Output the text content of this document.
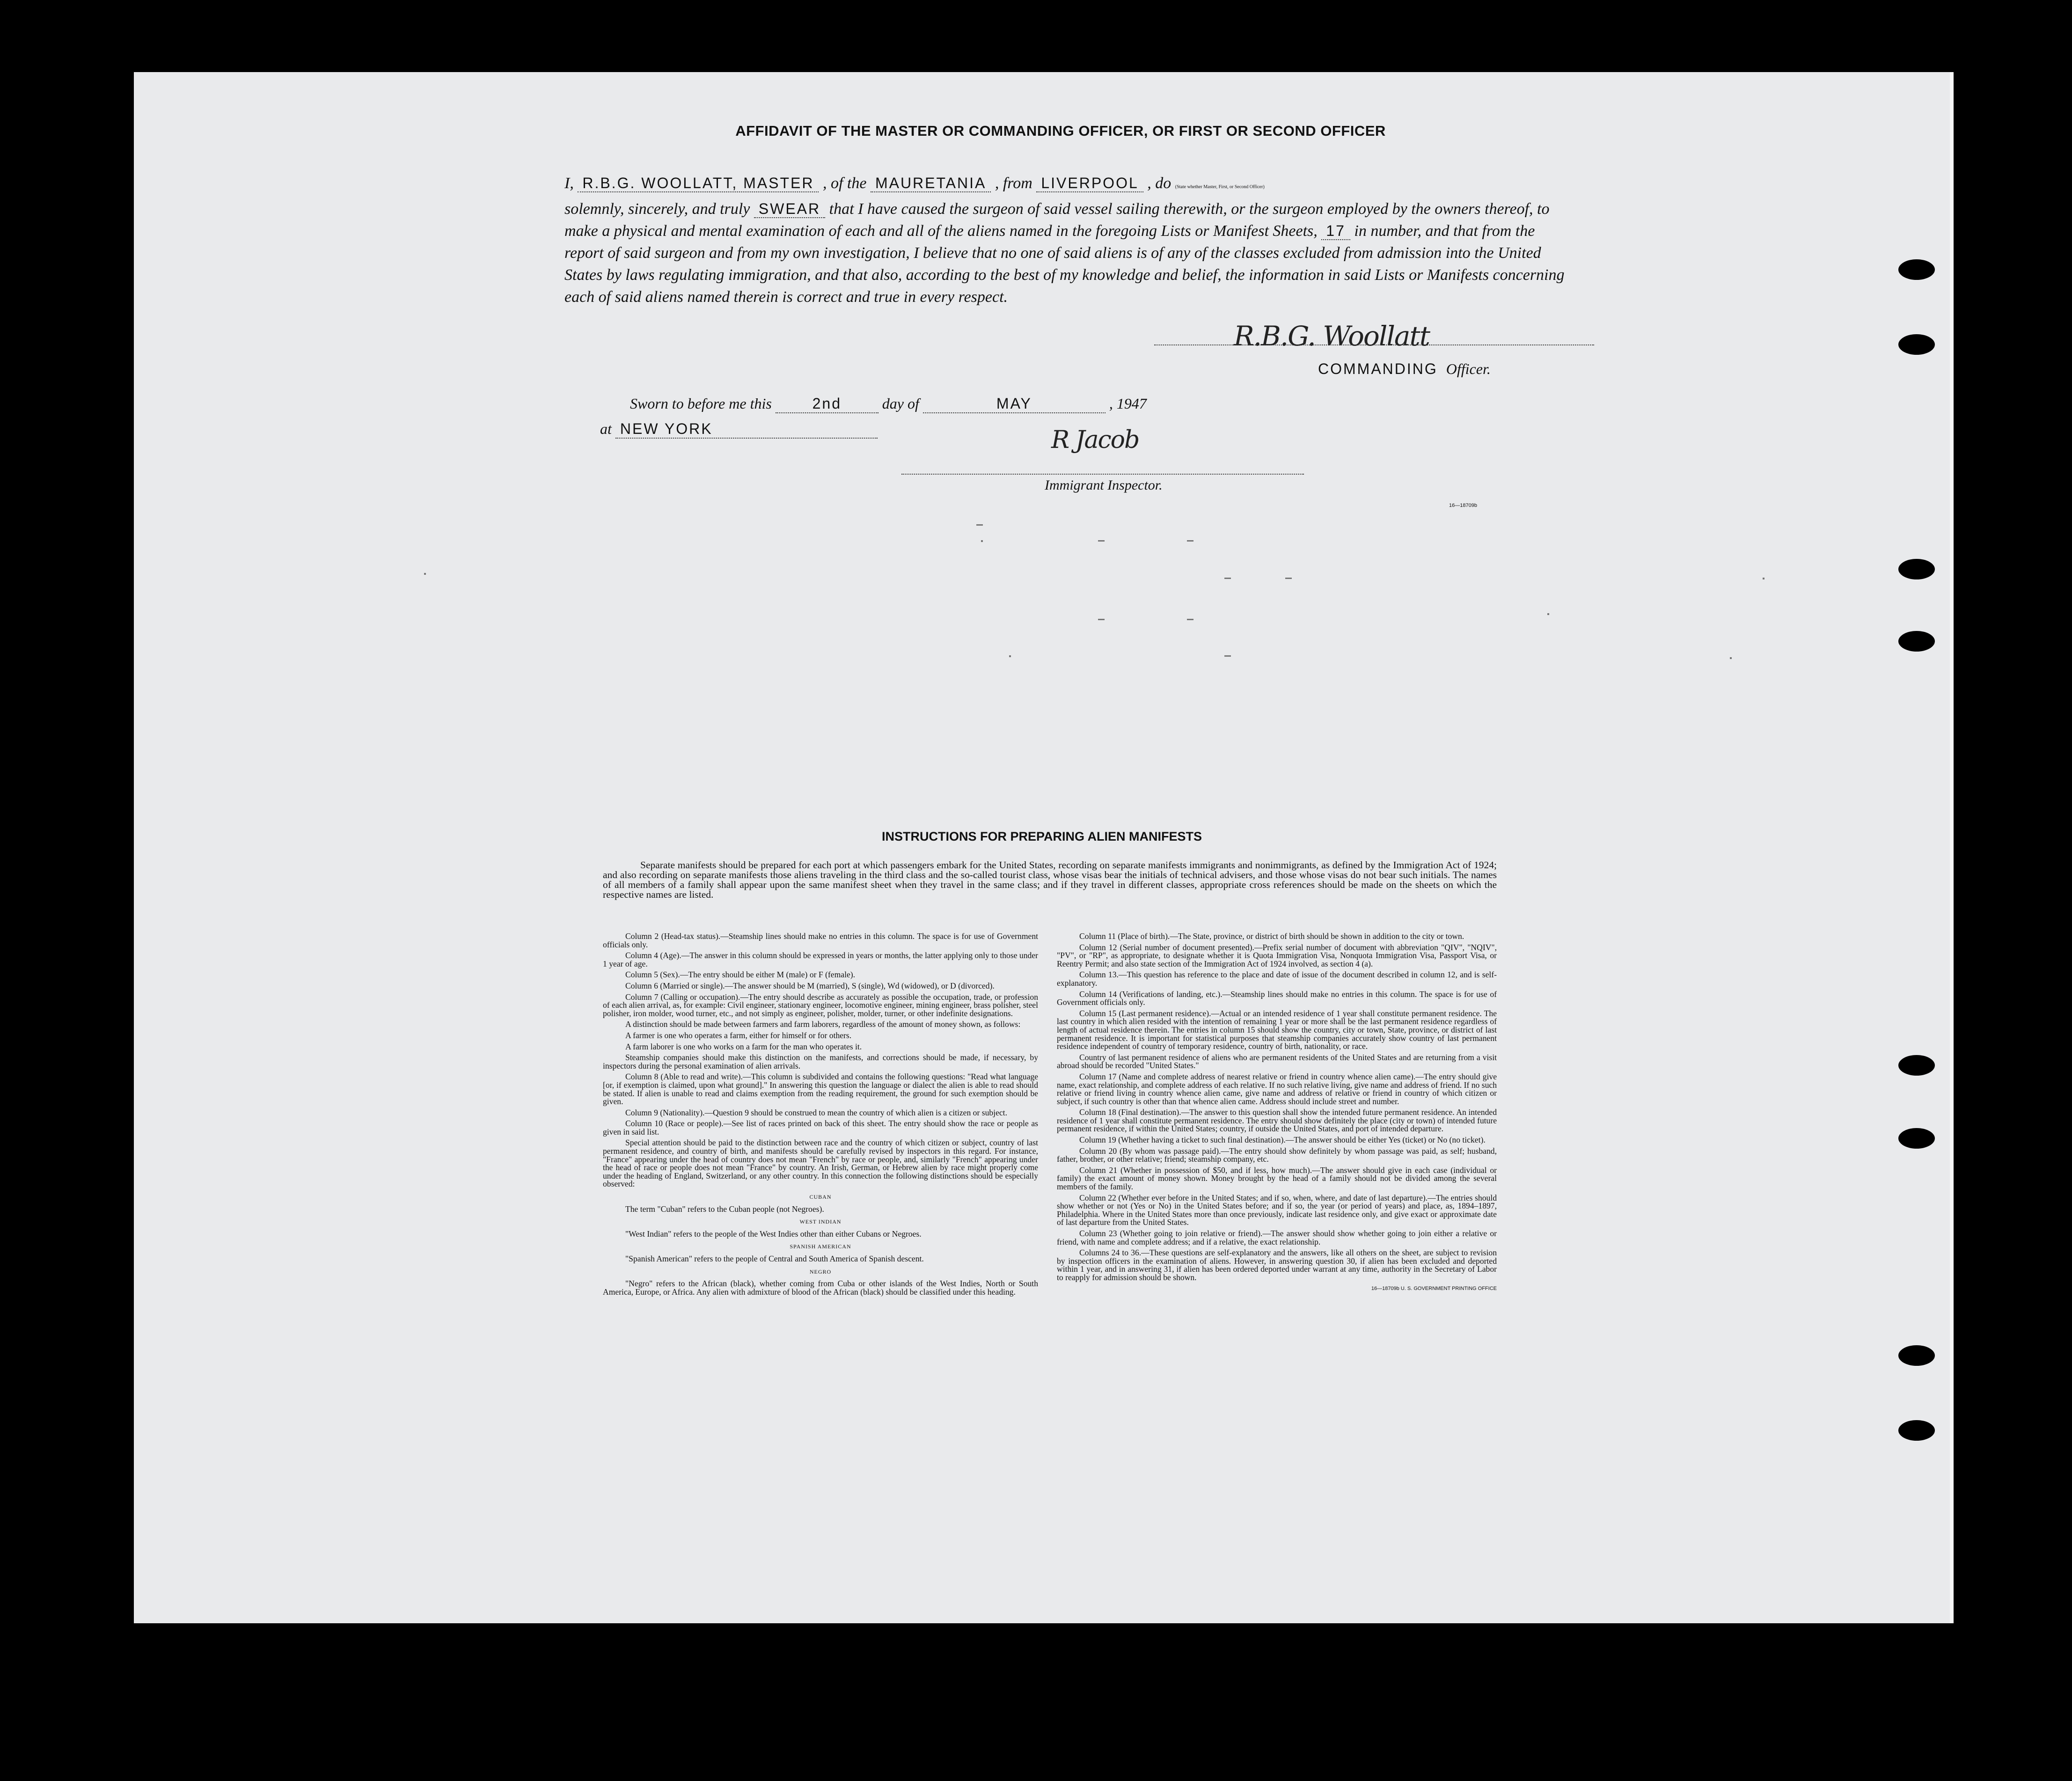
AFFIDAVIT OF THE MASTER OR COMMANDING OFFICER, OR FIRST OR SECOND OFFICER
I, R.B.G. WOOLLATT, MASTER , of the MAURETANIA , from LIVERPOOL , do (State whether Master, First, or Second Officer)
solemnly, sincerely, and truly SWEAR that I have caused the surgeon of said vessel sailing therewith, or the surgeon employed by the owners thereof, to make a physical and mental examination of each and all of the aliens named in the foregoing Lists or Manifest Sheets, 17 in number, and that from the report of said surgeon and from my own investigation, I believe that no one of said aliens is of any of the classes excluded from admission into the United States by laws regulating immigration, and that also, according to the best of my knowledge and belief, the information in said Lists or Manifests concerning each of said aliens named therein is correct and true in every respect.
R.B.G. Woollatt
COMMANDING Officer.
Sworn to before me this	2nd	day of	MAY	, 1947
at NEW YORK	R Jacob
Immigrant Inspector.
16—18709b
INSTRUCTIONS FOR PREPARING ALIEN MANIFESTS
Separate manifests should be prepared for each port at which passengers embark for the United States, recording on separate manifests immigrants and nonimmigrants, as defined by the Immigration Act of 1924; and also recording on separate manifests those aliens traveling in the third class and the so-called tourist class, whose visas bear the initials of technical advisers, and those whose visas do not bear such initials. The names of all members of a family shall appear upon the same manifest sheet when they travel in the same class; and if they travel in different classes, appropriate cross references should be made on the sheets on which the respective names are listed.

Column 2 (Head-tax status).—Steamship lines should make no entries in this column. The space is for use of Government officials only.

Column 4 (Age).—The answer in this column should be expressed in years or months, the latter applying only to those under 1 year of age.

Column 5 (Sex).—The entry should be either M (male) or F (female).

Column 6 (Married or single).—The answer should be M (married), S (single), Wd (widowed), or D (divorced).

Column 7 (Calling or occupation).—The entry should describe as accurately as possible the occupation, trade, or profession of each alien arrival, as, for example: Civil engineer, stationary engineer, locomotive engineer, mining engineer, brass polisher, steel polisher, iron molder, wood turner, etc., and not simply as engineer, polisher, molder, turner, or other indefinite designations.

A distinction should be made between farmers and farm laborers, regardless of the amount of money shown, as follows:

A farmer is one who operates a farm, either for himself or for others.

A farm laborer is one who works on a farm for the man who operates it.

Steamship companies should make this distinction on the manifests, and corrections should be made, if necessary, by inspectors during the personal examination of alien arrivals.

Column 8 (Able to read and write).—This column is subdivided and contains the following questions: "Read what language [or, if exemption is claimed, upon what ground]." In answering this question the language or dialect the alien is able to read should be stated. If alien is unable to read and claims exemption from the reading requirement, the ground for such exemption should be given.

Column 9 (Nationality).—Question 9 should be construed to mean the country of which alien is a citizen or subject.

Column 10 (Race or people).—See list of races printed on back of this sheet. The entry should show the race or people as given in said list.

Special attention should be paid to the distinction between race and the country of which citizen or subject, country of last permanent residence, and country of birth, and manifests should be carefully revised by inspectors in this regard. For instance, "France" appearing under the head of country does not mean "French" by race or people, and, similarly "French" appearing under the head of race or people does not mean "France" by country. An Irish, German, or Hebrew alien by race might properly come under the heading of England, Switzerland, or any other country. In this connection the following distinctions should be especially observed:

CUBAN

The term "Cuban" refers to the Cuban people (not Negroes).

WEST INDIAN

"West Indian" refers to the people of the West Indies other than either Cubans or Negroes.

SPANISH AMERICAN

"Spanish American" refers to the people of Central and South America of Spanish descent.

NEGRO

"Negro" refers to the African (black), whether coming from Cuba or other islands of the West Indies, North or South America, Europe, or Africa. Any alien with admixture of blood of the African (black) should be classified under this heading.

Column 11 (Place of birth).—The State, province, or district of birth should be shown in addition to the city or town.

Column 12 (Serial number of document presented).—Prefix serial number of document with abbreviation "QIV", "NQIV", "PV", or "RP", as appropriate, to designate whether it is Quota Immigration Visa, Nonquota Immigration Visa, Passport Visa, or Reentry Permit; and also state section of the Immigration Act of 1924 involved, as section 4 (a).

Column 13.—This question has reference to the place and date of issue of the document described in column 12, and is self-explanatory.

Column 14 (Verifications of landing, etc.).—Steamship lines should make no entries in this column. The space is for use of Government officials only.

Column 15 (Last permanent residence).—Actual or an intended residence of 1 year shall constitute permanent residence. The last country in which alien resided with the intention of remaining 1 year or more shall be the last permanent residence regardless of length of actual residence therein. The entries in column 15 should show the country, city or town, State, province, or district of last permanent residence. It is important for statistical purposes that steamship companies accurately show country of last permanent residence independent of country of temporary residence, country of birth, nationality, or race.

Country of last permanent residence of aliens who are permanent residents of the United States and are returning from a visit abroad should be recorded "United States."

Column 17 (Name and complete address of nearest relative or friend in country whence alien came).—The entry should give name, exact relationship, and complete address of each relative. If no such relative living, give name and address of friend. If no such relative or friend living in country whence alien came, give name and address of relative or friend in country of which citizen or subject, if such country is other than that whence alien came. Address should include street and number.

Column 18 (Final destination).—The answer to this question shall show the intended future permanent residence. An intended residence of 1 year shall constitute permanent residence. The entry should show definitely the place (city or town) of intended future permanent residence, if within the United States; country, if outside the United States, and port of intended departure.

Column 19 (Whether having a ticket to such final destination).—The answer should be either Yes (ticket) or No (no ticket).

Column 20 (By whom was passage paid).—The entry should show definitely by whom passage was paid, as self; husband, father, brother, or other relative; friend; steamship company, etc.

Column 21 (Whether in possession of $50, and if less, how much).—The answer should give in each case (individual or family) the exact amount of money shown. Money brought by the head of a family should not be divided among the several members of the family.

Column 22 (Whether ever before in the United States; and if so, when, where, and date of last departure).—The entries should show whether or not (Yes or No) in the United States before; and if so, the year (or period of years) and place, as, 1894–1897, Philadelphia. Where in the United States more than once previously, indicate last residence only, and give exact or approximate date of last departure from the United States.

Column 23 (Whether going to join relative or friend).—The answer should show whether going to join either a relative or friend, with name and complete address; and if a relative, the exact relationship.

Columns 24 to 36.—These questions are self-explanatory and the answers, like all others on the sheet, are subject to revision by inspection officers in the examination of aliens. However, in answering question 30, if alien has been excluded and deported within 1 year, and in answering 31, if alien has been ordered deported under warrant at any time, authority in the Secretary of Labor to reapply for admission should be shown.

16—18709b U. S. GOVERNMENT PRINTING OFFICE
